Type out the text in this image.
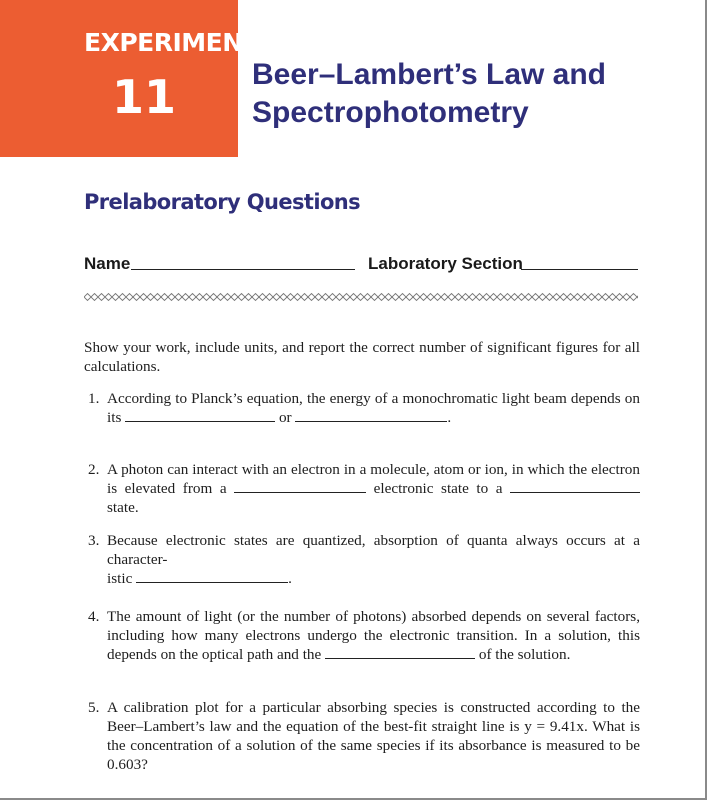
EXPERIMENT
11	Beer–Lambert’s Law and
Spectrophotometry
Prelaboratory Questions
Name	Laboratory Section
Show your work, include units, and report the correct number of significant figures for all calculations.
1. According to Planck’s equation, the energy of a monochromatic light beam depends on its	or	.
2. A photon can interact with an electron in a molecule, atom or ion, in which the electron is elevated from a	electronic state to a  state.
3. Because electronic states are quantized, absorption of quanta always occurs at a character-
istic	.
4. The amount of light (or the number of photons) absorbed depends on several factors, including how many electrons undergo the electronic transition. In a solution, this depends on the optical path and the	of the solution.
5. A calibration plot for a particular absorbing species is constructed according to the Beer–Lambert’s law and the equation of the best-fit straight line is y = 9.41x. What is the concentration of a solution of the same species if its absorbance is measured to be 0.603?
